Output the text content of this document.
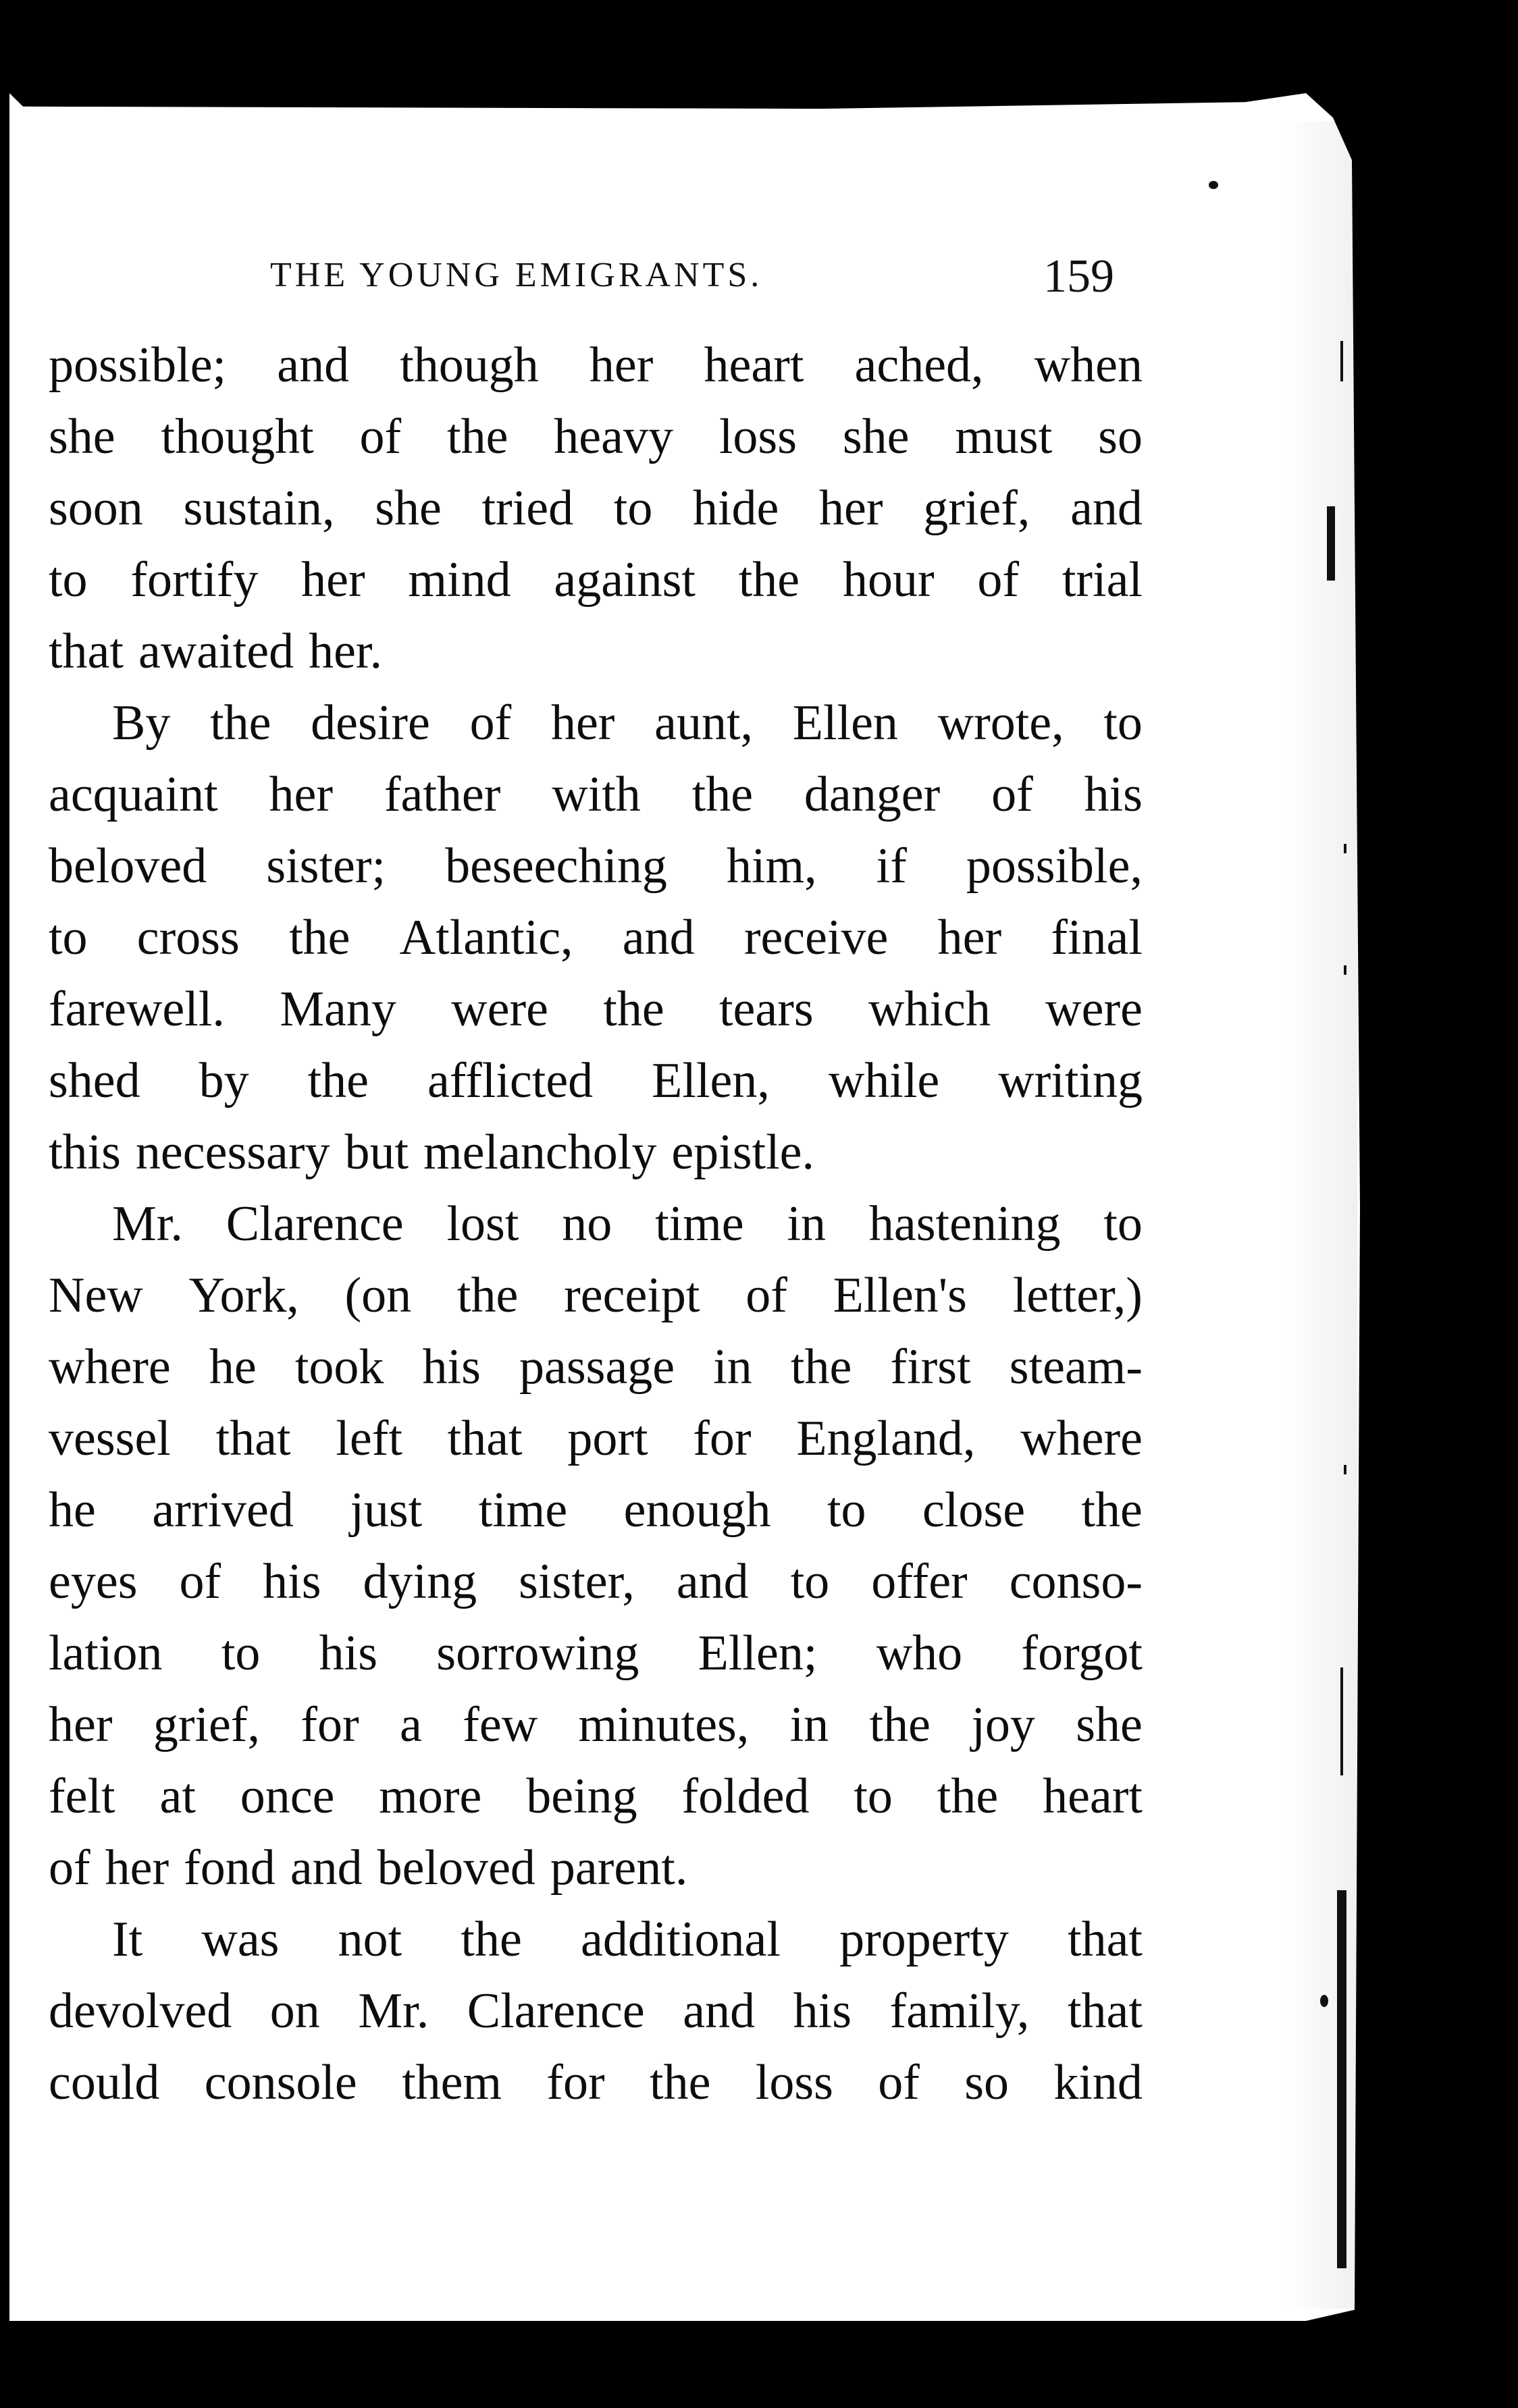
THE YOUNG EMIGRANTS.	159
possible; and though her heart ached, when
she thought of the heavy loss she must so
soon sustain, she tried to hide her grief, and
to fortify her mind against the hour of trial
that awaited her.
By the desire of her aunt, Ellen wrote, to
acquaint her father with the danger of his
beloved sister; beseeching him, if possible,
to cross the Atlantic, and receive her final
farewell. Many were the tears which were
shed by the afflicted Ellen, while writing
this necessary but melancholy epistle.
Mr. Clarence lost no time in hastening to
New York, (on the receipt of Ellen's letter,)
where he took his passage in the first steam-
vessel that left that port for England, where
he arrived just time enough to close the
eyes of his dying sister, and to offer conso-
lation to his sorrowing Ellen; who forgot
her grief, for a few minutes, in the joy she
felt at once more being folded to the heart
of her fond and beloved parent.
It was not the additional property that
devolved on Mr. Clarence and his family, that
could console them for the loss of so kind
